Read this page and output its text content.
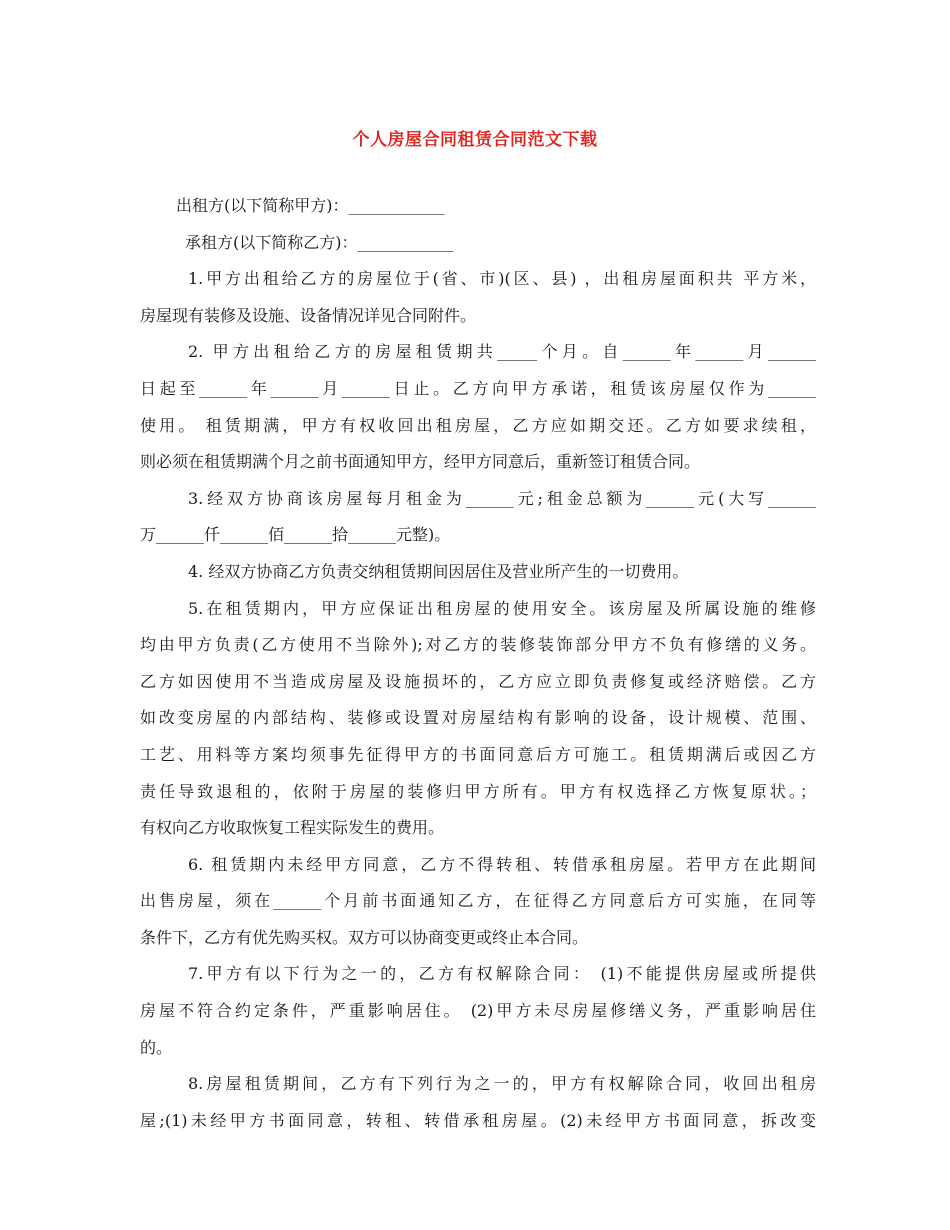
个人房屋合同租赁合同范文下载
出租方(以下简称甲方)：____________
承租方(以下简称乙方)：____________
1.甲方出租给乙方的房屋位于(省、市)(区、县) ，出租房屋面积共 平方米，
房屋现有装修及设施、设备情况详见合同附件。
2. 甲方出租给乙方的房屋租赁期共_____个月。自______年______月______
日起至______年______月______日止。乙方向甲方承诺，租赁该房屋仅作为______
使用。 租赁期满，甲方有权收回出租房屋，乙方应如期交还。乙方如要求续租，
则必须在租赁期满个月之前书面通知甲方，经甲方同意后，重新签订租赁合同。
3.经双方协商该房屋每月租金为______元;租金总额为______元(大写______
万______仟______佰______拾______元整)。
4. 经双方协商乙方负责交纳租赁期间因居住及营业所产生的一切费用。
5.在租赁期内，甲方应保证出租房屋的使用安全。该房屋及所属设施的维修
均由甲方负责(乙方使用不当除外);对乙方的装修装饰部分甲方不负有修缮的义务。
乙方如因使用不当造成房屋及设施损坏的，乙方应立即负责修复或经济赔偿。乙方
如改变房屋的内部结构、装修或设置对房屋结构有影响的设备，设计规模、范围、
工艺、用料等方案均须事先征得甲方的书面同意后方可施工。租赁期满后或因乙方
责任导致退租的，依附于房屋的装修归甲方所有。甲方有权选择乙方恢复原状。；
有权向乙方收取恢复工程实际发生的费用。
6. 租赁期内未经甲方同意，乙方不得转租、转借承租房屋。若甲方在此期间
出售房屋，须在______个月前书面通知乙方，在征得乙方同意后方可实施，在同等
条件下，乙方有优先购买权。双方可以协商变更或终止本合同。
7.甲方有以下行为之一的，乙方有权解除合同： (1)不能提供房屋或所提供
房屋不符合约定条件，严重影响居住。 (2)甲方未尽房屋修缮义务，严重影响居住
的。
8.房屋租赁期间，乙方有下列行为之一的，甲方有权解除合同，收回出租房
屋;(1)未经甲方书面同意，转租、转借承租房屋。(2)未经甲方书面同意，拆改变
